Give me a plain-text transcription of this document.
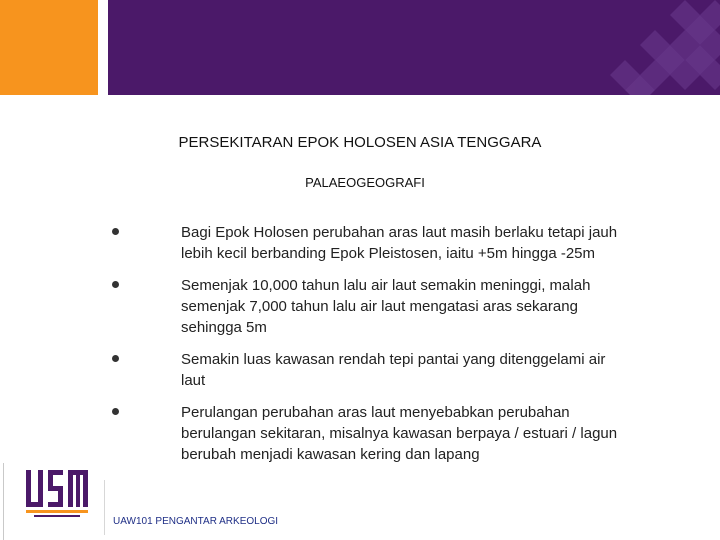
PERSEKITARAN EPOK HOLOSEN ASIA TENGGARA
PALAEOGEOGRAFI
Bagi Epok Holosen perubahan aras laut masih berlaku tetapi jauh lebih kecil berbanding Epok Pleistosen, iaitu +5m hingga -25m
Semenjak 10,000 tahun lalu air laut semakin meninggi, malah semenjak 7,000 tahun lalu air laut mengatasi aras sekarang sehingga 5m
Semakin luas kawasan rendah tepi pantai yang ditenggelami air laut
Perulangan perubahan aras laut menyebabkan perubahan berulangan sekitaran, misalnya kawasan berpaya / estuari / lagun berubah menjadi kawasan kering dan lapang
UAW101 PENGANTAR ARKEOLOGI
